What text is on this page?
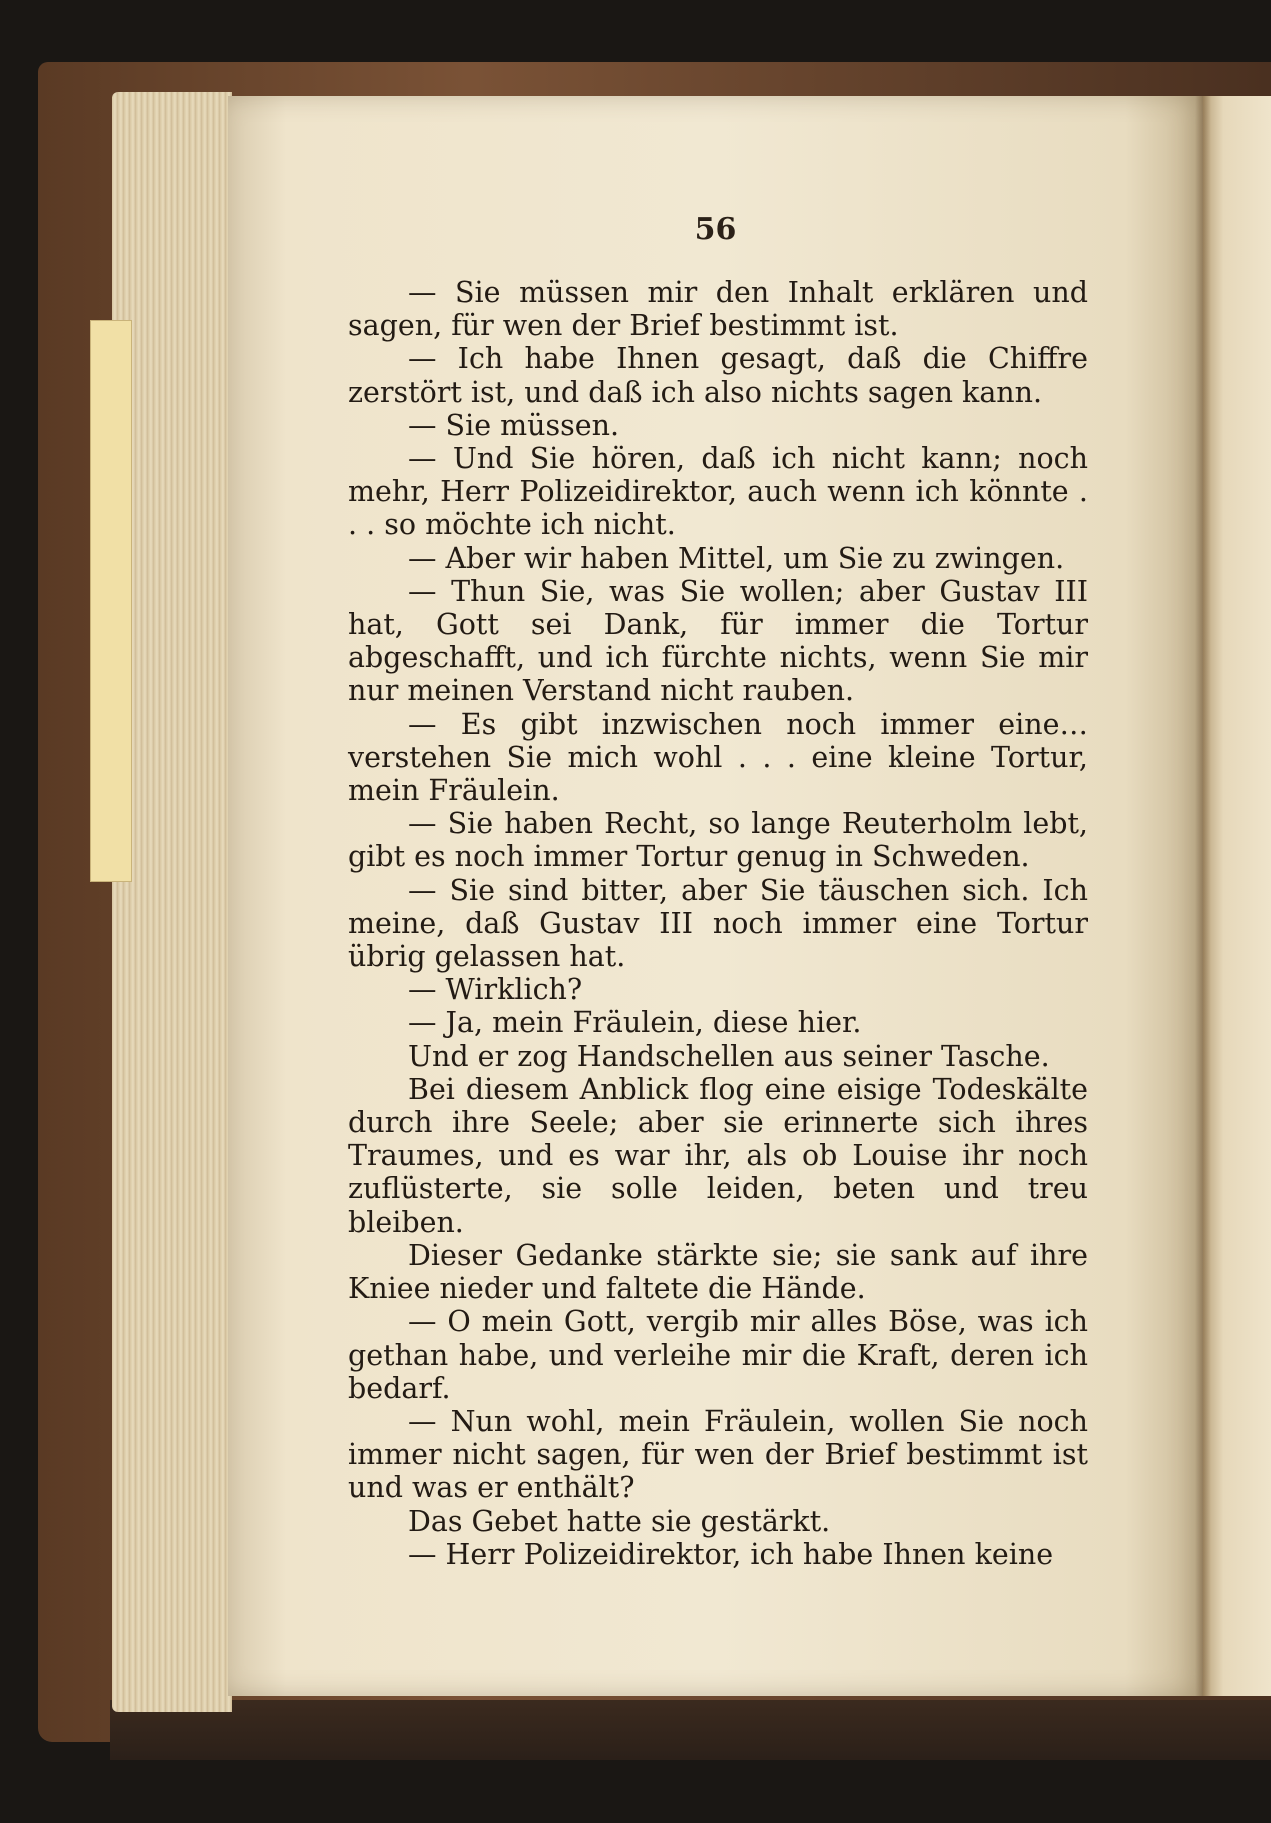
56

— Sie müssen mir den Inhalt erklären und sagen, für wen der Brief bestimmt ist.

— Ich habe Ihnen gesagt, daß die Chiffre zerstört ist, und daß ich also nichts sagen kann.

— Sie müssen.

— Und Sie hören, daß ich nicht kann; noch mehr, Herr Polizeidirektor, auch wenn ich könnte . . . so möchte ich nicht.

— Aber wir haben Mittel, um Sie zu zwingen.

— Thun Sie, was Sie wollen; aber Gustav III hat, Gott sei Dank, für immer die Tortur abgeschafft, und ich fürchte nichts, wenn Sie mir nur meinen Verstand nicht rauben.

— Es gibt inzwischen noch immer eine… verstehen Sie mich wohl . . . eine kleine Tortur, mein Fräulein.

— Sie haben Recht, so lange Reuterholm lebt, gibt es noch immer Tortur genug in Schweden.

— Sie sind bitter, aber Sie täuschen sich. Ich meine, daß Gustav III noch immer eine Tortur übrig gelassen hat.

— Wirklich?

— Ja, mein Fräulein, diese hier.

Und er zog Handschellen aus seiner Tasche.

Bei diesem Anblick flog eine eisige Todeskälte durch ihre Seele; aber sie erinnerte sich ihres Traumes, und es war ihr, als ob Louise ihr noch zuflüsterte, sie solle leiden, beten und treu bleiben.

Dieser Gedanke stärkte sie; sie sank auf ihre Kniee nieder und faltete die Hände.

— O mein Gott, vergib mir alles Böse, was ich gethan habe, und verleihe mir die Kraft, deren ich bedarf.

— Nun wohl, mein Fräulein, wollen Sie noch immer nicht sagen, für wen der Brief bestimmt ist und was er enthält?

Das Gebet hatte sie gestärkt.

— Herr Polizeidirektor, ich habe Ihnen keine
